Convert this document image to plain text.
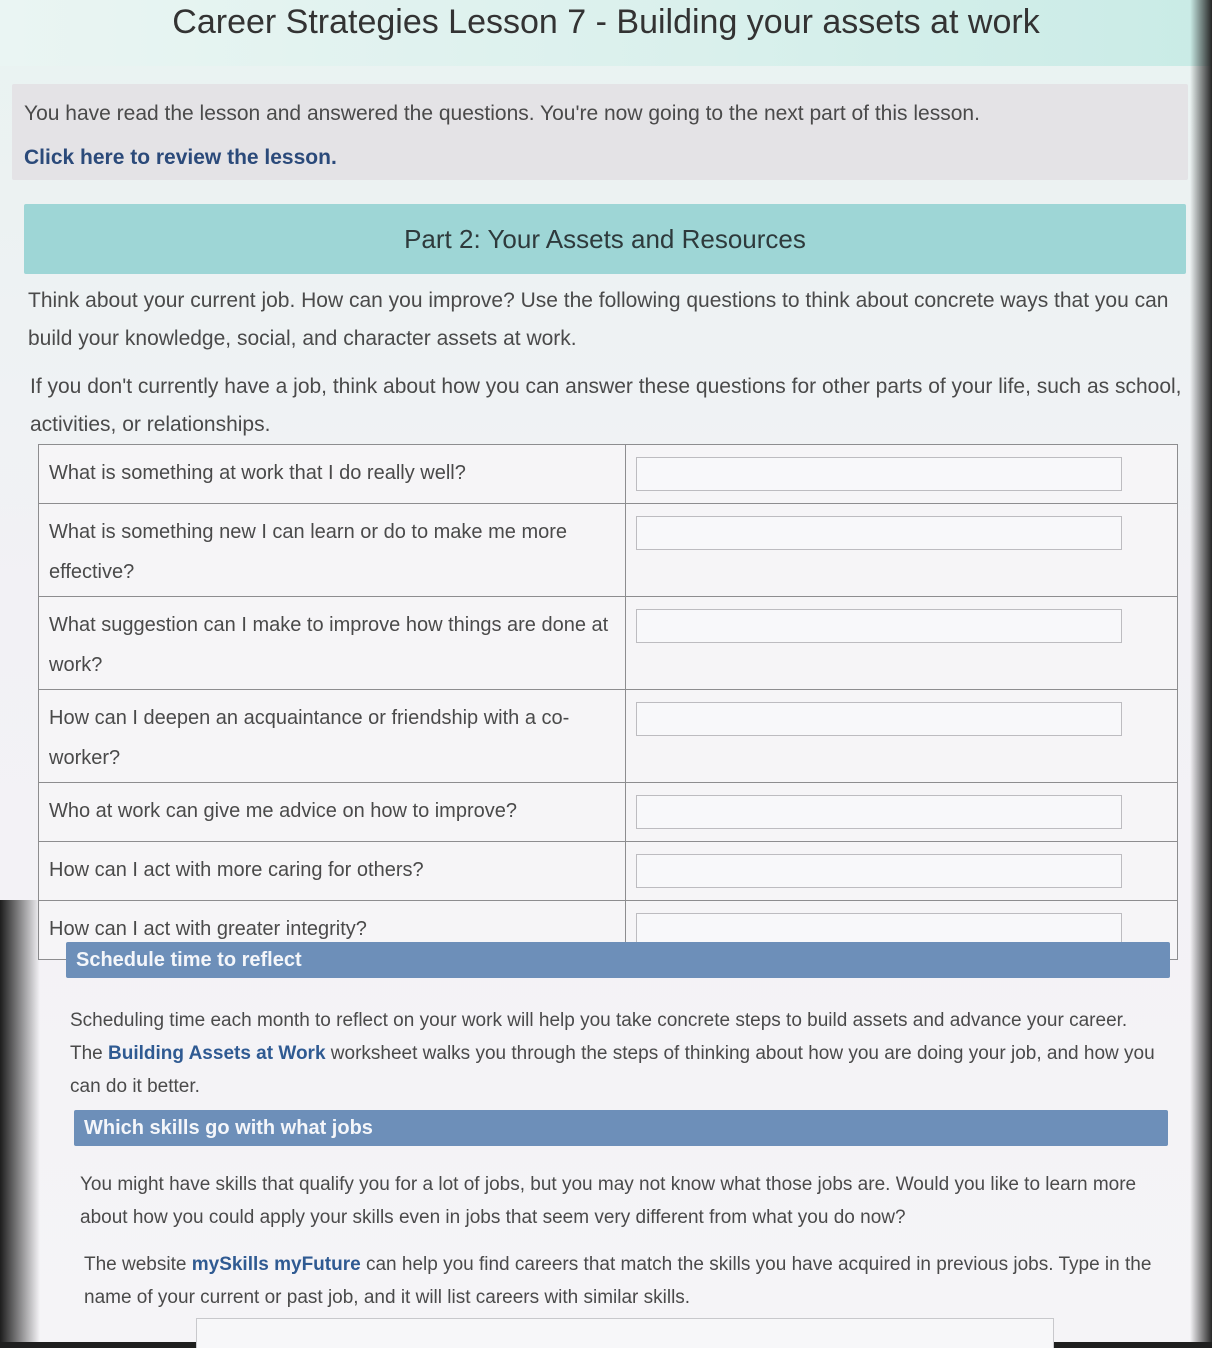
Career Strategies Lesson 7 - Building your assets at work
You have read the lesson and answered the questions. You're now going to the next part of this lesson.
Click here to review the lesson.
Part 2: Your Assets and Resources
Think about your current job. How can you improve? Use the following questions to think about concrete ways that you can build your knowledge, social, and character assets at work.
If you don't currently have a job, think about how you can answer these questions for other parts of your life, such as school, activities, or relationships.
What is something at work that I do really well?	
What is something new I can learn or do to make me more effective?	
What suggestion can I make to improve how things are done at work?	
How can I deepen an acquaintance or friendship with a co-worker?	
Who at work can give me advice on how to improve?	
How can I act with more caring for others?	
How can I act with greater integrity?	
Schedule time to reflect
Scheduling time each month to reflect on your work will help you take concrete steps to build assets and advance your career. The Building Assets at Work worksheet walks you through the steps of thinking about how you are doing your job, and how you can do it better.
Which skills go with what jobs
You might have skills that qualify you for a lot of jobs, but you may not know what those jobs are. Would you like to learn more about how you could apply your skills even in jobs that seem very different from what you do now?
The website mySkills myFuture can help you find careers that match the skills you have acquired in previous jobs. Type in the name of your current or past job, and it will list careers with similar skills.
